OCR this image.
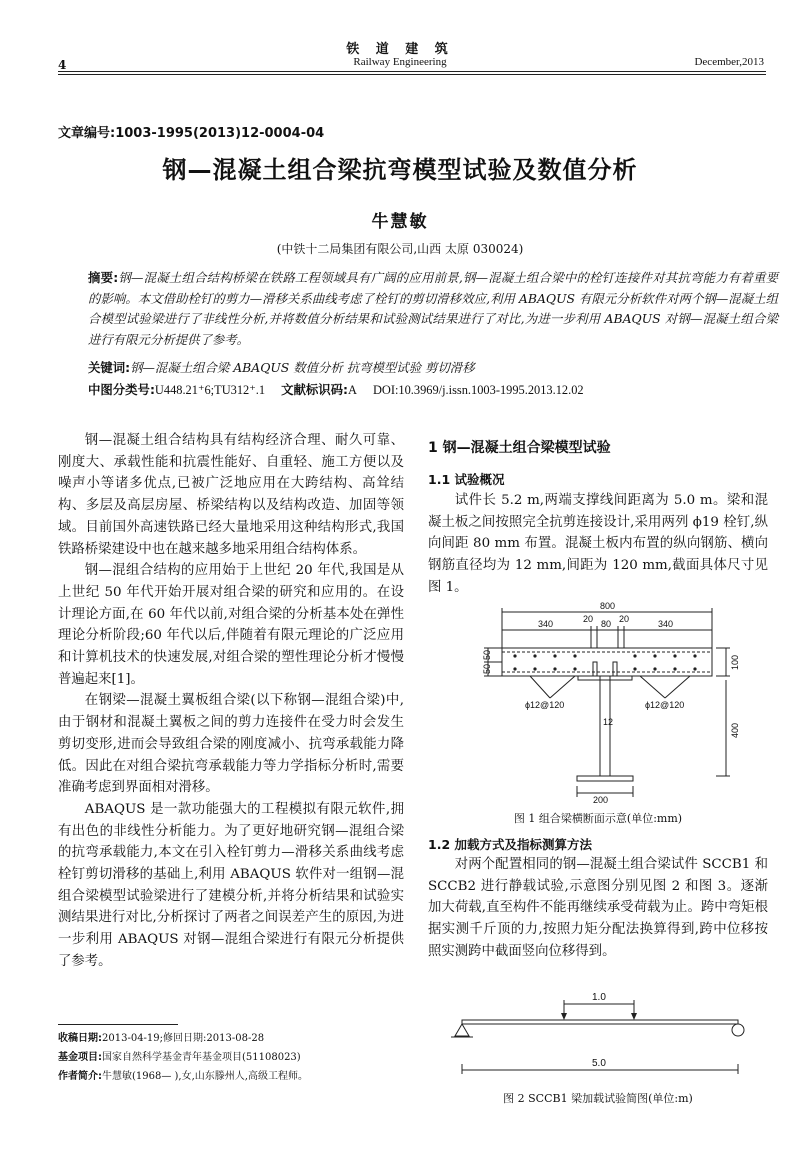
铁 道 建 筑
4	Railway Engineering	December,2013
文章编号:1003-1995(2013)12-0004-04
钢—混凝土组合梁抗弯模型试验及数值分析
牛慧敏
(中铁十二局集团有限公司,山西 太原 030024)
摘要:钢—混凝土组合结构桥梁在铁路工程领域具有广阔的应用前景,钢—混凝土组合梁中的栓钉连接件对其抗弯能力有着重要的影响。本文借助栓钉的剪力—滑移关系曲线考虑了栓钉的剪切滑移效应,利用 ABAQUS 有限元分析软件对两个钢—混凝土组合模型试验梁进行了非线性分析,并将数值分析结果和试验测试结果进行了对比,为进一步利用 ABAQUS 对钢—混凝土组合梁进行有限元分析提供了参考。
关键词:钢—混凝土组合梁 ABAQUS 数值分析 抗弯模型试验 剪切滑移
中图分类号:U448.21⁺6;TU312⁺.1 文献标识码:A DOI:10.3969/j.issn.1003-1995.2013.12.02

钢—混凝土组合结构具有结构经济合理、耐久可靠、刚度大、承载性能和抗震性能好、自重轻、施工方便以及噪声小等诸多优点,已被广泛地应用在大跨结构、高耸结构、多层及高层房屋、桥梁结构以及结构改造、加固等领域。目前国外高速铁路已经大量地采用这种结构形式,我国铁路桥梁建设中也在越来越多地采用组合结构体系。

钢—混组合结构的应用始于上世纪 20 年代,我国是从上世纪 50 年代开始开展对组合梁的研究和应用的。在设计理论方面,在 60 年代以前,对组合梁的分析基本处在弹性理论分析阶段;60 年代以后,伴随着有限元理论的广泛应用和计算机技术的快速发展,对组合梁的塑性理论分析才慢慢普遍起来[1]。

在钢梁—混凝土翼板组合梁(以下称钢—混组合梁)中,由于钢材和混凝土翼板之间的剪力连接件在受力时会发生剪切变形,进而会导致组合梁的刚度减小、抗弯承载能力降低。因此在对组合梁抗弯承载能力等力学指标分析时,需要准确考虑到界面相对滑移。

ABAQUS 是一款功能强大的工程模拟有限元软件,拥有出色的非线性分析能力。为了更好地研究钢—混组合梁的抗弯承载能力,本文在引入栓钉剪力—滑移关系曲线考虑栓钉剪切滑移的基础上,利用 ABAQUS 软件对一组钢—混组合梁模型试验梁进行了建模分析,并将分析结果和试验实测结果进行对比,分析探讨了两者之间误差产生的原因,为进一步利用 ABAQUS 对钢—混组合梁进行有限元分析提供了参考。

收稿日期:2013-04-19;修回日期:2013-08-28
基金项目:国家自然科学基金青年基金项目(51108023)
作者简介:牛慧敏(1968— ),女,山东滕州人,高级工程师。
1 钢—混凝土组合梁模型试验
1.1 试验概况

试件长 5.2 m,两端支撑线间距离为 5.0 m。梁和混凝土板之间按照完全抗剪连接设计,采用两列 ϕ19 栓钉,纵向间距 80 mm 布置。混凝土板内布置的纵向钢筋、横向钢筋直径均为 12 mm,间距为 120 mm,截面具体尺寸见图 1。

800
340	20 80 20	340
50
50	100
400
12
200
ϕ12@120	ϕ12@120
图 1 组合梁横断面示意(单位:mm)
1.2 加载方式及指标测算方法

对两个配置相同的钢—混凝土组合梁试件 SCCB1 和 SCCB2 进行静载试验,示意图分别见图 2 和图 3。逐渐加大荷载,直至构件不能再继续承受荷载为止。跨中弯矩根据实测千斤顶的力,按照力矩分配法换算得到,跨中位移按照实测跨中截面竖向位移得到。

1.0
5.0
图 2 SCCB1 梁加载试验简图(单位:m)
